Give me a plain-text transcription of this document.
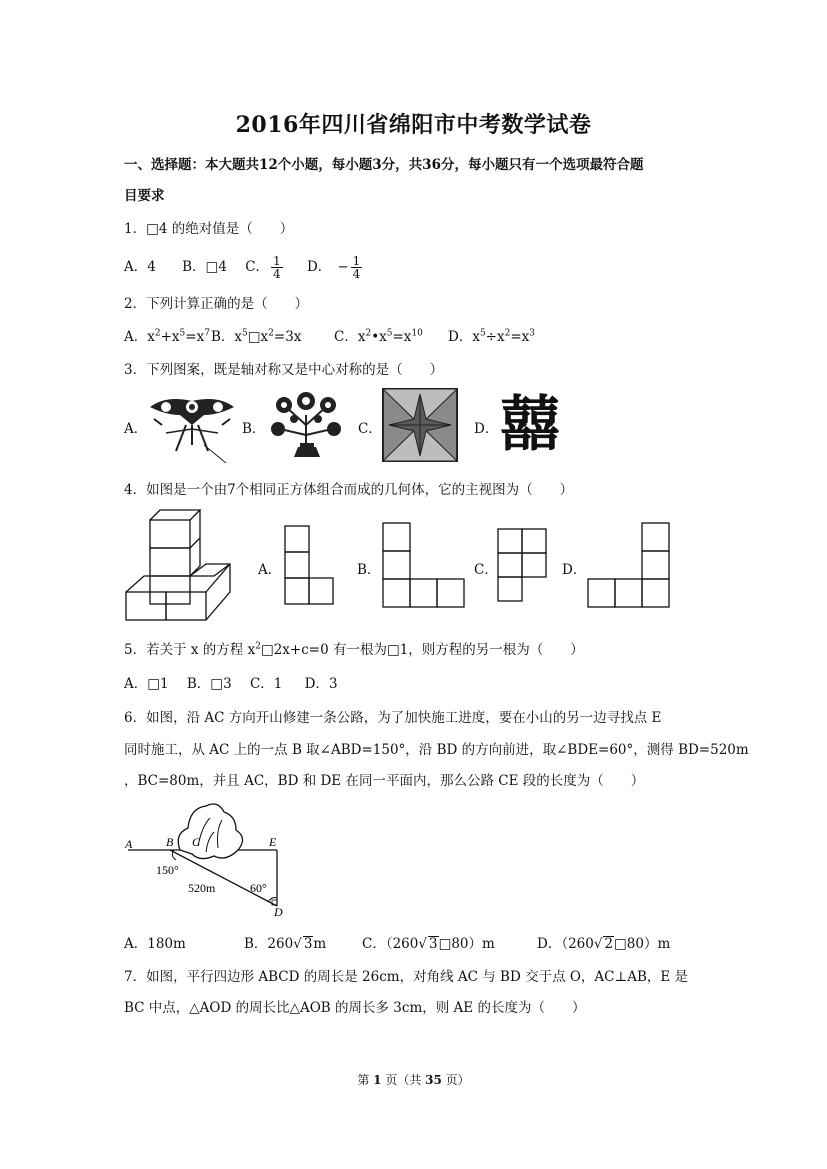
2016年四川省绵阳市中考数学试卷
一、选择题：本大题共12个小题，每小题3分，共36分，每小题只有一个选项最符合题
目要求
1．□4 的绝对值是（　　）
A．4 B．□4 C． $\frac{1}{4}$ D． − $\frac{1}{4}$
2．下列计算正确的是（　　）
A．$x^2+x^5=x^7$ B．$x^5□x^2=3x$ C．$x^2•x^5=x^{10}$ D．$x^5\div x^2=x^3$
3．下列图案，既是轴对称又是中心对称的是（　　）
A．	B．	C．	D． 囍
4．如图是一个由7个相同正方体组合而成的几何体，它的主视图为（　　）
A．	B．	C．	D．
5．若关于 x 的方程 $x^2□2x+c=0$ 有一根为□1，则方程的另一根为（　　）
A．□1 B．□3 C．1 D．3
6．如图，沿 AC 方向开山修建一条公路，为了加快施工进度，要在小山的另一边寻找点 E
同时施工，从 AC 上的一点 B 取∠ABD=150°，沿 BD 的方向前进，取∠BDE=60°，测得 BD=520m
，BC=80m，并且 AC，BD 和 DE 在同一平面内，那么公路 CE 段的长度为（　　）
A	B C	E
D
150°
520m	60°
A．180m	B．260√ 3m	C．（260√ 3□80）m	D．（260√ 2□80）m
7．如图，平行四边形 ABCD 的周长是 26cm，对角线 AC 与 BD 交于点 O，AC⊥AB，E 是
BC 中点，△AOD 的周长比△AOB 的周长多 3cm，则 AE 的长度为（　　）
第 1 页（共 35 页）
